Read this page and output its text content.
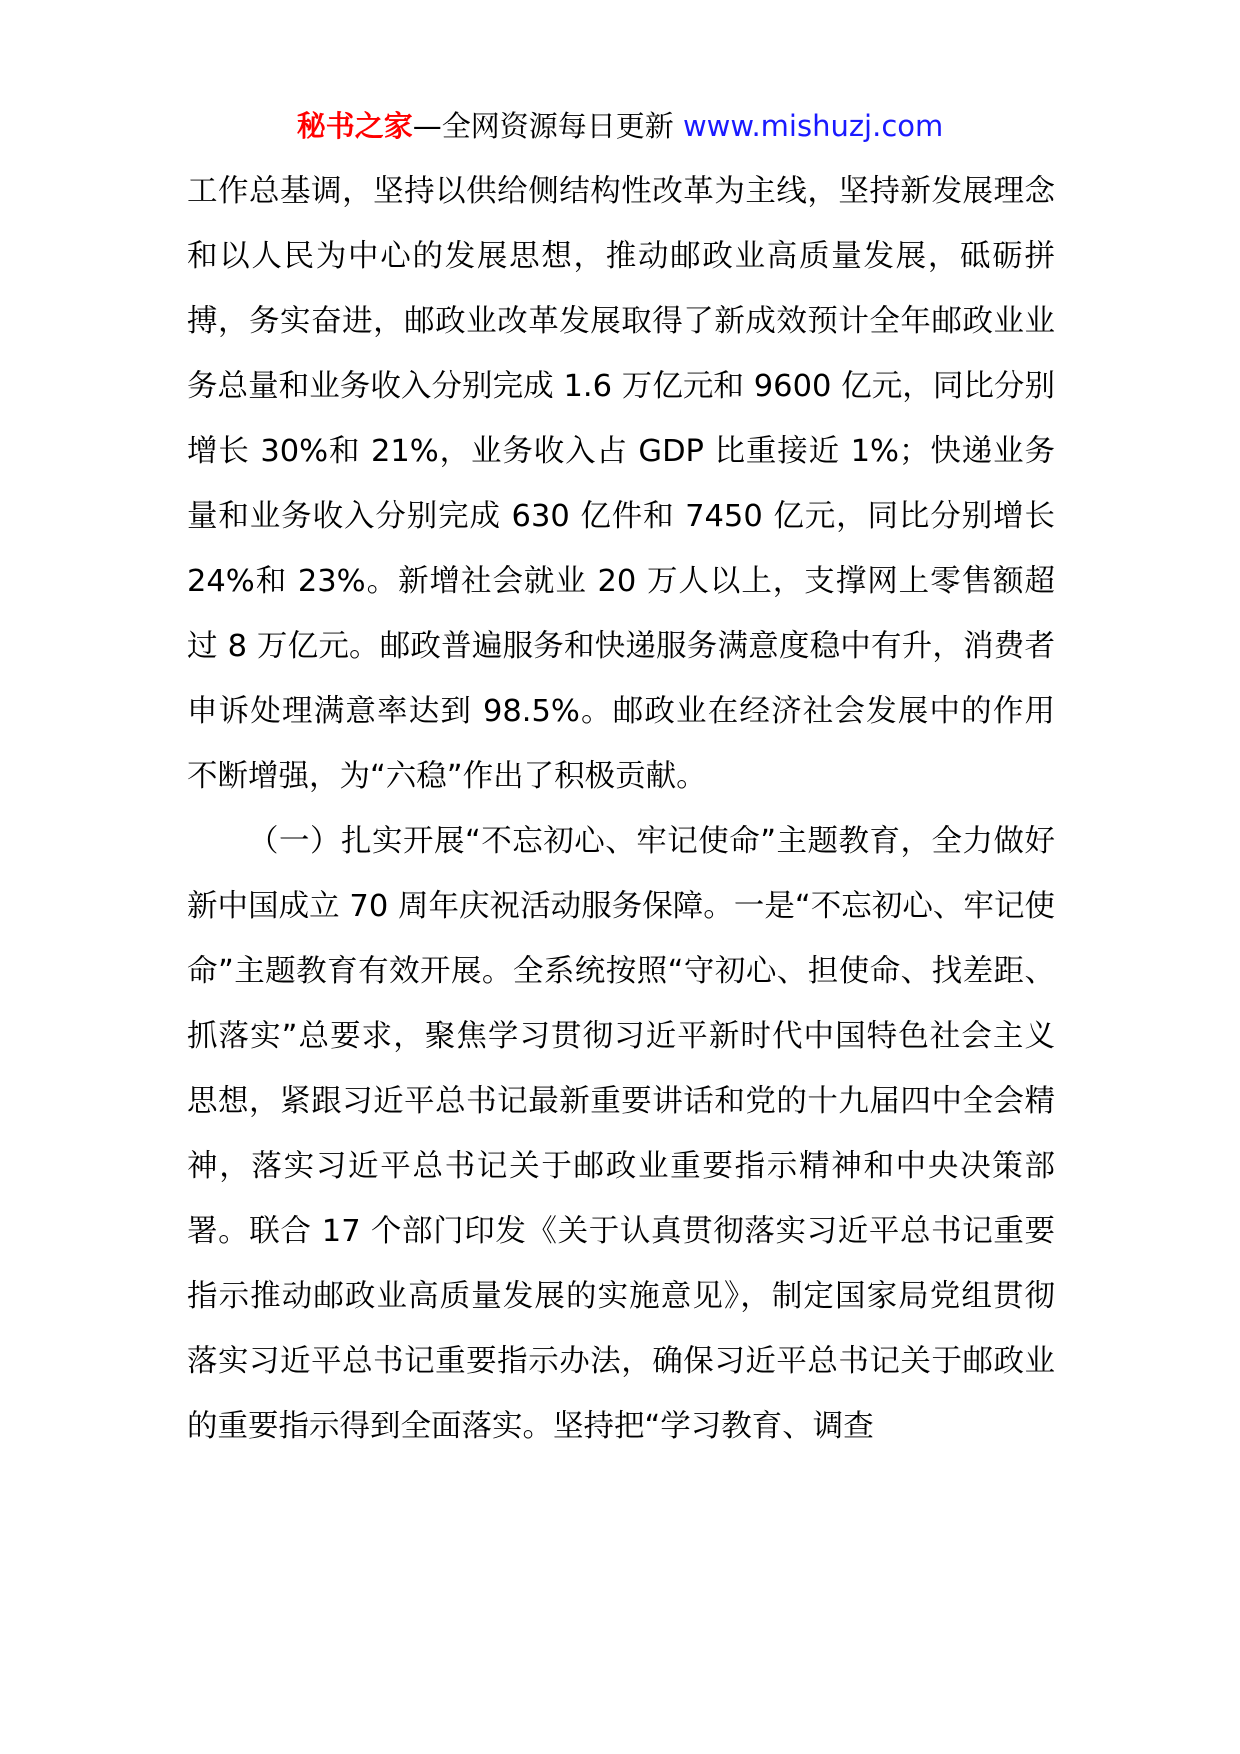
秘书之家—全网资源每日更新 www.mishuzj.com

工作总基调，坚持以供给侧结构性改革为主线，坚持新发展理念和以人民为中心的发展思想，推动邮政业高质量发展，砥砺拼搏，务实奋进，邮政业改革发展取得了新成效预计全年邮政业业务总量和业务收入分别完成 1.6 万亿元和 9600 亿元，同比分别增长 30%和 21%，业务收入占 GDP 比重接近 1%；快递业务量和业务收入分别完成 630 亿件和 7450 亿元，同比分别增长 24%和 23%。新增社会就业 20 万人以上，支撑网上零售额超过 8 万亿元。邮政普遍服务和快递服务满意度稳中有升，消费者申诉处理满意率达到 98.5%。邮政业在经济社会发展中的作用不断增强，为“六稳”作出了积极贡献。

（一）扎实开展“不忘初心、牢记使命”主题教育，全力做好新中国成立 70 周年庆祝活动服务保障。一是“不忘初心、牢记使命”主题教育有效开展。全系统按照“守初心、担使命、找差距、抓落实”总要求，聚焦学习贯彻习近平新时代中国特色社会主义思想，紧跟习近平总书记最新重要讲话和党的十九届四中全会精神，落实习近平总书记关于邮政业重要指示精神和中央决策部署。联合 17 个部门印发《关于认真贯彻落实习近平总书记重要指示推动邮政业高质量发展的实施意见》，制定国家局党组贯彻落实习近平总书记重要指示办法，确保习近平总书记关于邮政业的重要指示得到全面落实。坚持把“学习教育、调查
